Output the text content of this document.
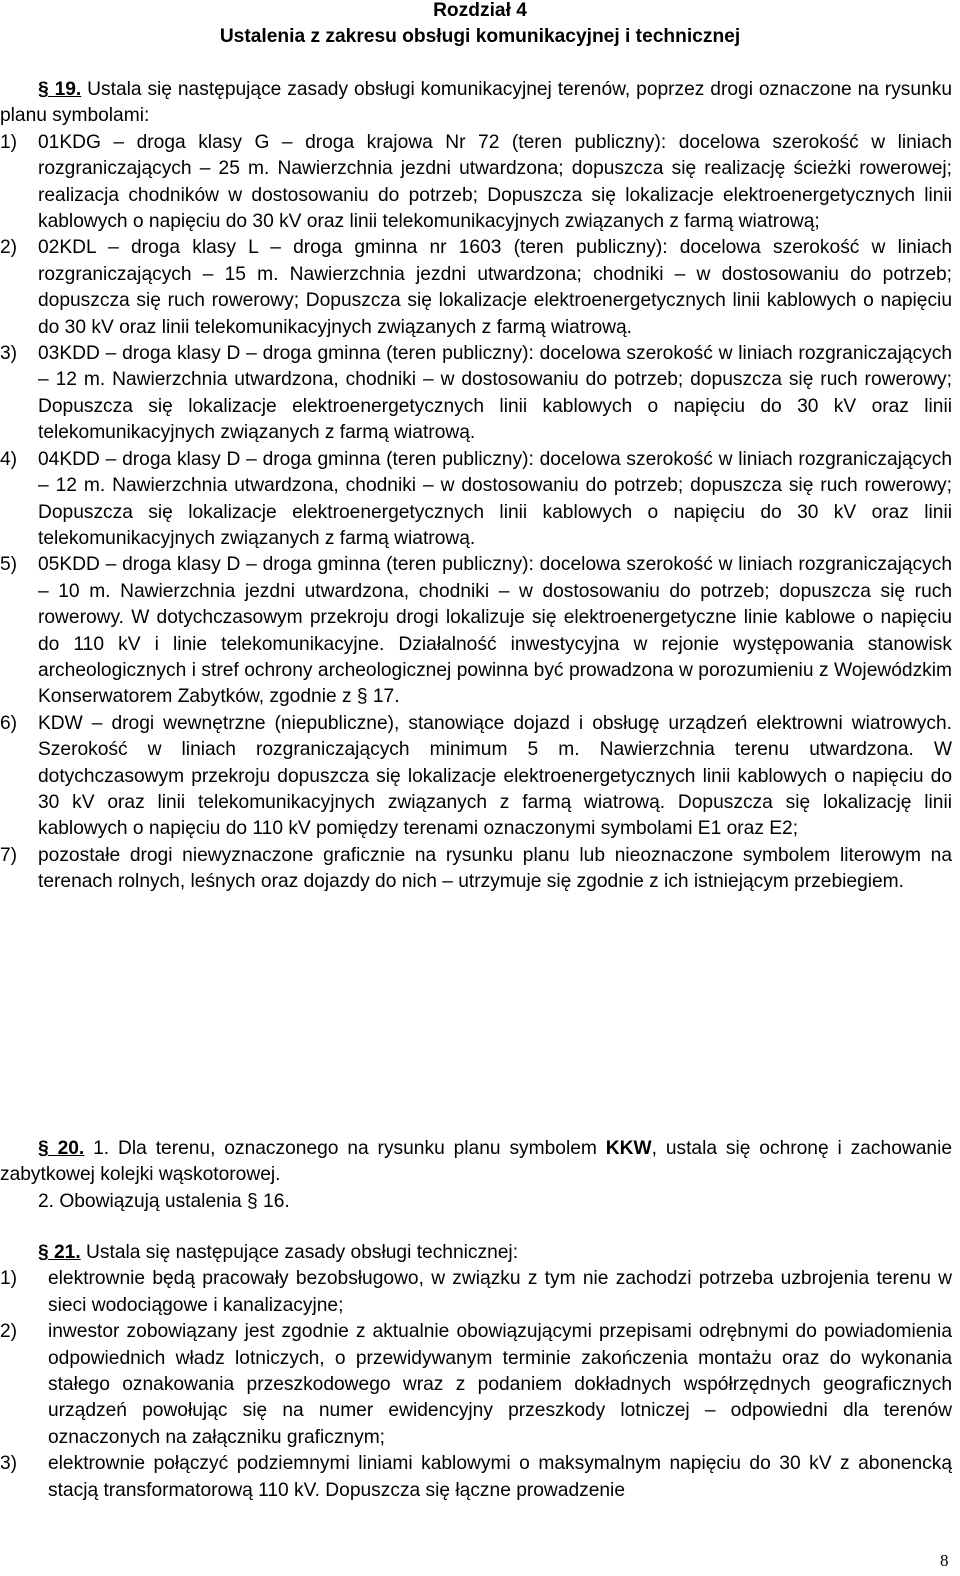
Rozdział 4
Ustalenia z zakresu obsługi komunikacyjnej i technicznej
§ 19. Ustala się następujące zasady obsługi komunikacyjnej terenów, poprzez drogi oznaczone na rysunku planu symbolami:
1) 01KDG – droga klasy G – droga krajowa Nr 72 (teren publiczny): docelowa szerokość w liniach rozgraniczających – 25 m. Nawierzchnia jezdni utwardzona; dopuszcza się realizację ścieżki rowerowej; realizacja chodników w dostosowaniu do potrzeb; Dopuszcza się lokalizacje elektroenergetycznych linii kablowych o napięciu do 30 kV oraz linii telekomunikacyjnych związanych z farmą wiatrową;
2) 02KDL – droga klasy L – droga gminna nr 1603 (teren publiczny): docelowa szerokość w liniach rozgraniczających – 15 m. Nawierzchnia jezdni utwardzona; chodniki – w dostosowaniu do potrzeb; dopuszcza się ruch rowerowy; Dopuszcza się lokalizacje elektroenergetycznych linii kablowych o napięciu do 30 kV oraz linii telekomunikacyjnych związanych z farmą wiatrową.
3) 03KDD – droga klasy D – droga gminna (teren publiczny): docelowa szerokość w liniach rozgraniczających – 12 m. Nawierzchnia utwardzona, chodniki – w dostosowaniu do potrzeb; dopuszcza się ruch rowerowy; Dopuszcza się lokalizacje elektroenergetycznych linii kablowych o napięciu do 30 kV oraz linii telekomunikacyjnych związanych z farmą wiatrową.
4) 04KDD – droga klasy D – droga gminna (teren publiczny): docelowa szerokość w liniach rozgraniczających – 12 m. Nawierzchnia utwardzona, chodniki – w dostosowaniu do potrzeb; dopuszcza się ruch rowerowy; Dopuszcza się lokalizacje elektroenergetycznych linii kablowych o napięciu do 30 kV oraz linii telekomunikacyjnych związanych z farmą wiatrową.
5) 05KDD – droga klasy D – droga gminna (teren publiczny): docelowa szerokość w liniach rozgraniczających – 10 m. Nawierzchnia jezdni utwardzona, chodniki – w dostosowaniu do potrzeb; dopuszcza się ruch rowerowy. W dotychczasowym przekroju drogi lokalizuje się elektroenergetyczne linie kablowe o napięciu do 110 kV i linie telekomunikacyjne. Działalność inwestycyjna w rejonie występowania stanowisk archeologicznych i stref ochrony archeologicznej powinna być prowadzona w porozumieniu z Wojewódzkim Konserwatorem Zabytków, zgodnie z § 17.
6) KDW – drogi wewnętrzne (niepubliczne), stanowiące dojazd i obsługę urządzeń elektrowni wiatrowych. Szerokość w liniach rozgraniczających minimum 5 m. Nawierzchnia terenu utwardzona. W dotychczasowym przekroju dopuszcza się lokalizacje elektroenergetycznych linii kablowych o napięciu do 30 kV oraz linii telekomunikacyjnych związanych z farmą wiatrową. Dopuszcza się lokalizację linii kablowych o napięciu do 110 kV pomiędzy terenami oznaczonymi symbolami E1 oraz E2;
7) pozostałe drogi niewyznaczone graficznie na rysunku planu lub nieoznaczone symbolem literowym na terenach rolnych, leśnych oraz dojazdy do nich – utrzymuje się zgodnie z ich istniejącym przebiegiem.
§ 20. 1. Dla terenu, oznaczonego na rysunku planu symbolem KKW, ustala się ochronę i zachowanie zabytkowej kolejki wąskotorowej.
2. Obowiązują ustalenia § 16.
§ 21. Ustala się następujące zasady obsługi technicznej:
1) elektrownie będą pracowały bezobsługowo, w związku z tym nie zachodzi potrzeba uzbrojenia terenu w sieci wodociągowe i kanalizacyjne;
2) inwestor zobowiązany jest zgodnie z aktualnie obowiązującymi przepisami odrębnymi do powiadomienia odpowiednich władz lotniczych, o przewidywanym terminie zakończenia montażu oraz do wykonania stałego oznakowania przeszkodowego wraz z podaniem dokładnych współrzędnych geograficznych urządzeń powołując się na numer ewidencyjny przeszkody lotniczej – odpowiedni dla terenów oznaczonych na załączniku graficznym;
3) elektrownie połączyć podziemnymi liniami kablowymi o maksymalnym napięciu do 30 kV z abonencką stacją transformatorową 110 kV. Dopuszcza się łączne prowadzenie
8
